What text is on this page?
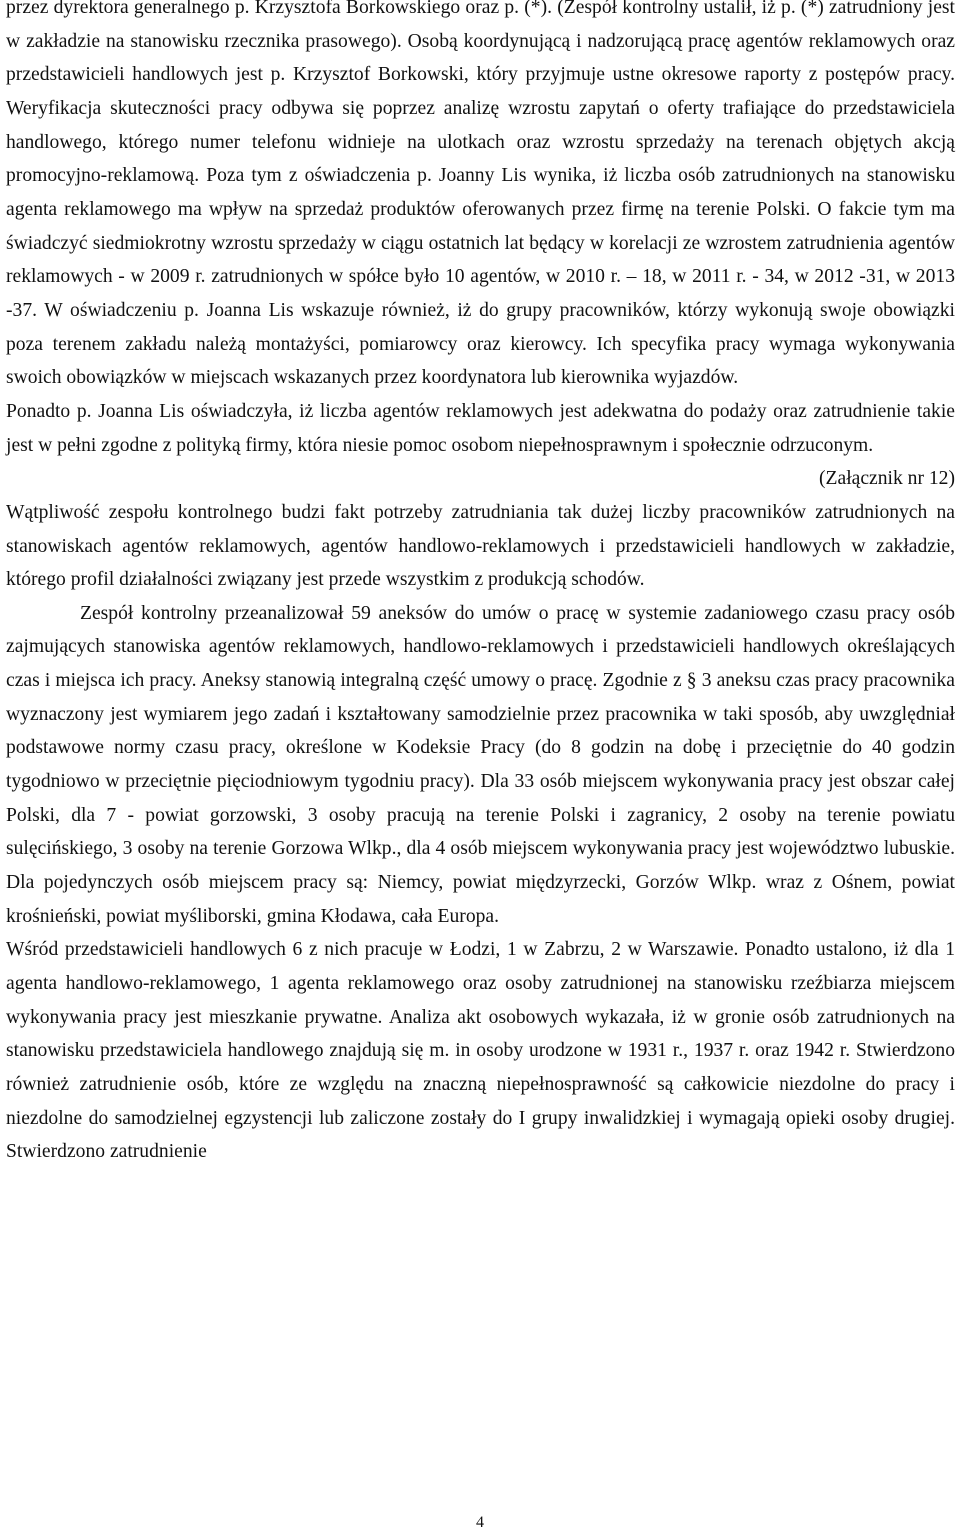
przez dyrektora generalnego p. Krzysztofa Borkowskiego oraz p. (*). (Zespół kontrolny ustalił, iż p. (*) zatrudniony jest w zakładzie na stanowisku rzecznika prasowego). Osobą koordynującą i nadzorującą pracę agentów reklamowych oraz przedstawicieli handlowych jest p. Krzysztof Borkowski, który przyjmuje ustne okresowe raporty z postępów pracy. Weryfikacja skuteczności pracy odbywa się poprzez analizę wzrostu zapytań o oferty trafiające do przedstawiciela handlowego, którego numer telefonu widnieje na ulotkach oraz wzrostu sprzedaży na terenach objętych akcją promocyjno-reklamową. Poza tym z oświadczenia p. Joanny Lis wynika, iż liczba osób zatrudnionych na stanowisku agenta reklamowego ma wpływ na sprzedaż produktów oferowanych przez firmę na terenie Polski. O fakcie tym ma świadczyć siedmiokrotny wzrostu sprzedaży w ciągu ostatnich lat będący w korelacji ze wzrostem zatrudnienia agentów reklamowych - w 2009 r. zatrudnionych w spółce było 10 agentów, w 2010 r. – 18, w 2011 r. - 34, w 2012 -31, w 2013 -37. W oświadczeniu p. Joanna Lis wskazuje również, iż do grupy pracowników, którzy wykonują swoje obowiązki poza terenem zakładu należą montażyści, pomiarowcy oraz kierowcy. Ich specyfika pracy wymaga wykonywania swoich obowiązków w miejscach wskazanych przez koordynatora lub kierownika wyjazdów.

Ponadto p. Joanna Lis oświadczyła, iż liczba agentów reklamowych jest adekwatna do podaży oraz zatrudnienie takie jest w pełni zgodne z polityką firmy, która niesie pomoc osobom niepełnosprawnym i społecznie odrzuconym.

(Załącznik nr 12)

Wątpliwość zespołu kontrolnego budzi fakt potrzeby zatrudniania tak dużej liczby pracowników zatrudnionych na stanowiskach agentów reklamowych, agentów handlowo-reklamowych i przedstawicieli handlowych w zakładzie, którego profil działalności związany jest przede wszystkim z produkcją schodów.

Zespół kontrolny przeanalizował 59 aneksów do umów o pracę w systemie zadaniowego czasu pracy osób zajmujących stanowiska agentów reklamowych, handlowo-reklamowych i przedstawicieli handlowych określających czas i miejsca ich pracy. Aneksy stanowią integralną część umowy o pracę. Zgodnie z § 3 aneksu czas pracy pracownika wyznaczony jest wymiarem jego zadań i kształtowany samodzielnie przez pracownika w taki sposób, aby uwzględniał podstawowe normy czasu pracy, określone w Kodeksie Pracy (do 8 godzin na dobę i przeciętnie do 40 godzin tygodniowo w przeciętnie pięciodniowym tygodniu pracy). Dla 33 osób miejscem wykonywania pracy jest obszar całej Polski, dla 7 - powiat gorzowski, 3 osoby pracują na terenie Polski i zagranicy, 2 osoby na terenie powiatu sulęcińskiego, 3 osoby na terenie Gorzowa Wlkp., dla 4 osób miejscem wykonywania pracy jest województwo lubuskie. Dla pojedynczych osób miejscem pracy są: Niemcy, powiat międzyrzecki, Gorzów Wlkp. wraz z Ośnem, powiat krośnieński, powiat myśliborski, gmina Kłodawa, cała Europa.

Wśród przedstawicieli handlowych 6 z nich pracuje w Łodzi, 1 w Zabrzu, 2 w Warszawie. Ponadto ustalono, iż dla 1 agenta handlowo-reklamowego, 1 agenta reklamowego oraz osoby zatrudnionej na stanowisku rzeźbiarza miejscem wykonywania pracy jest mieszkanie prywatne. Analiza akt osobowych wykazała, iż w gronie osób zatrudnionych na stanowisku przedstawiciela handlowego znajdują się m. in osoby urodzone w 1931 r., 1937 r. oraz 1942 r. Stwierdzono również zatrudnienie osób, które ze względu na znaczną niepełnosprawność są całkowicie niezdolne do pracy i niezdolne do samodzielnej egzystencji lub zaliczone zostały do I grupy inwalidzkiej i wymagają opieki osoby drugiej. Stwierdzono zatrudnienie

4
